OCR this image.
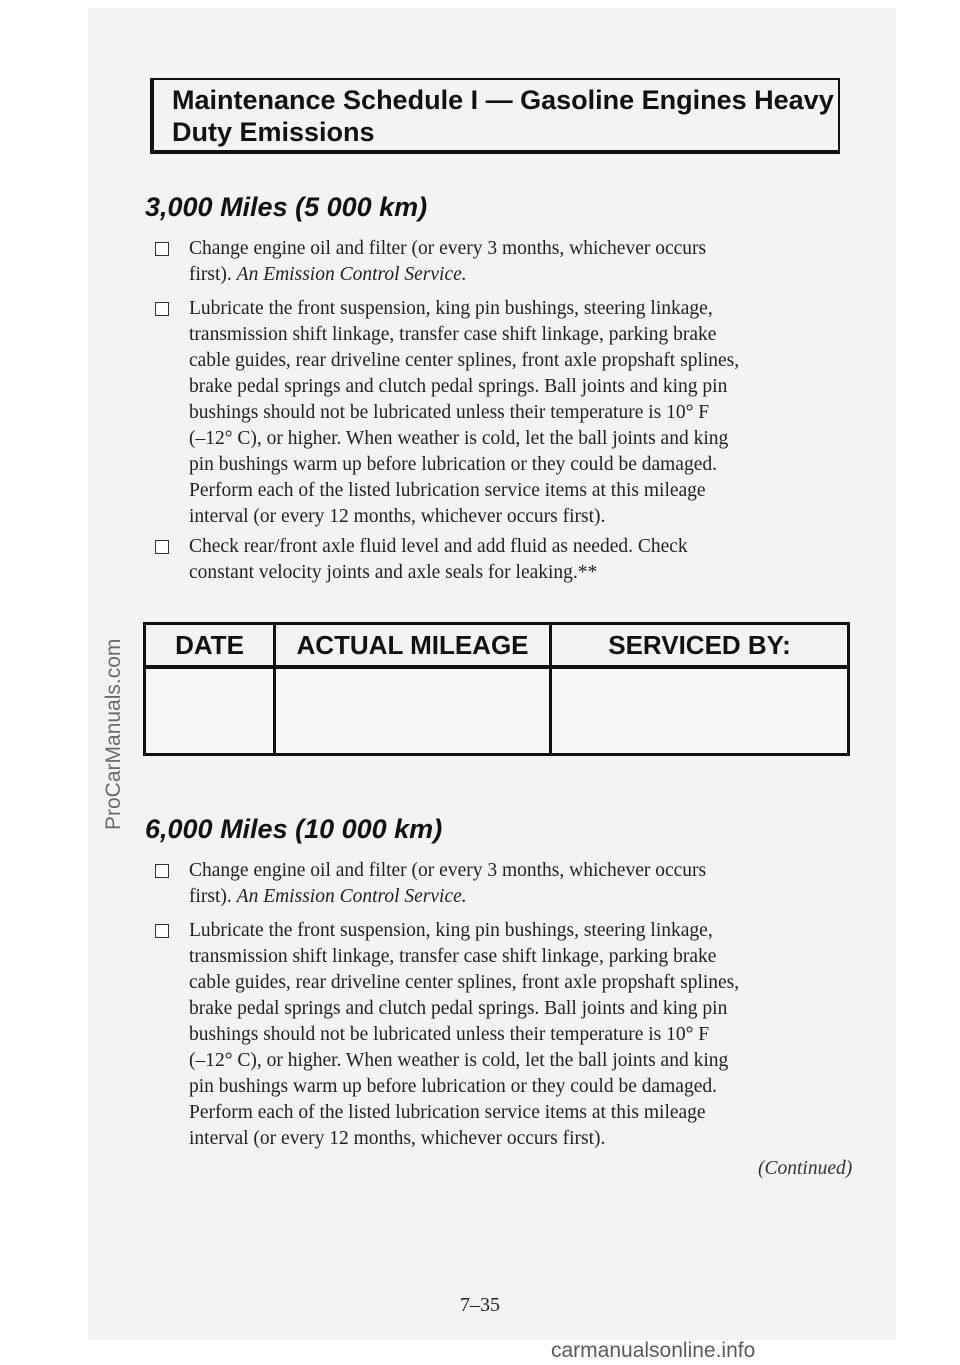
ProCarManuals.com
Maintenance Schedule I — Gasoline Engines Heavy
Duty Emissions
3,000 Miles (5 000 km)
Change engine oil and filter (or every 3 months, whichever occurs
first). An Emission Control Service.
Lubricate the front suspension, king pin bushings, steering linkage,
transmission shift linkage, transfer case shift linkage, parking brake
cable guides, rear driveline center splines, front axle propshaft splines,
brake pedal springs and clutch pedal springs. Ball joints and king pin
bushings should not be lubricated unless their temperature is 10° F
(–12° C), or higher. When weather is cold, let the ball joints and king
pin bushings warm up before lubrication or they could be damaged.
Perform each of the listed lubrication service items at this mileage
interval (or every 12 months, whichever occurs first).
Check rear/front axle fluid level and add fluid as needed. Check
constant velocity joints and axle seals for leaking.**
DATE	ACTUAL MILEAGE	SERVICED BY:

6,000 Miles (10 000 km)
Change engine oil and filter (or every 3 months, whichever occurs
first). An Emission Control Service.
Lubricate the front suspension, king pin bushings, steering linkage,
transmission shift linkage, transfer case shift linkage, parking brake
cable guides, rear driveline center splines, front axle propshaft splines,
brake pedal springs and clutch pedal springs. Ball joints and king pin
bushings should not be lubricated unless their temperature is 10° F
(–12° C), or higher. When weather is cold, let the ball joints and king
pin bushings warm up before lubrication or they could be damaged.
Perform each of the listed lubrication service items at this mileage
interval (or every 12 months, whichever occurs first).
(Continued)
7–35
carmanualsonline.info
